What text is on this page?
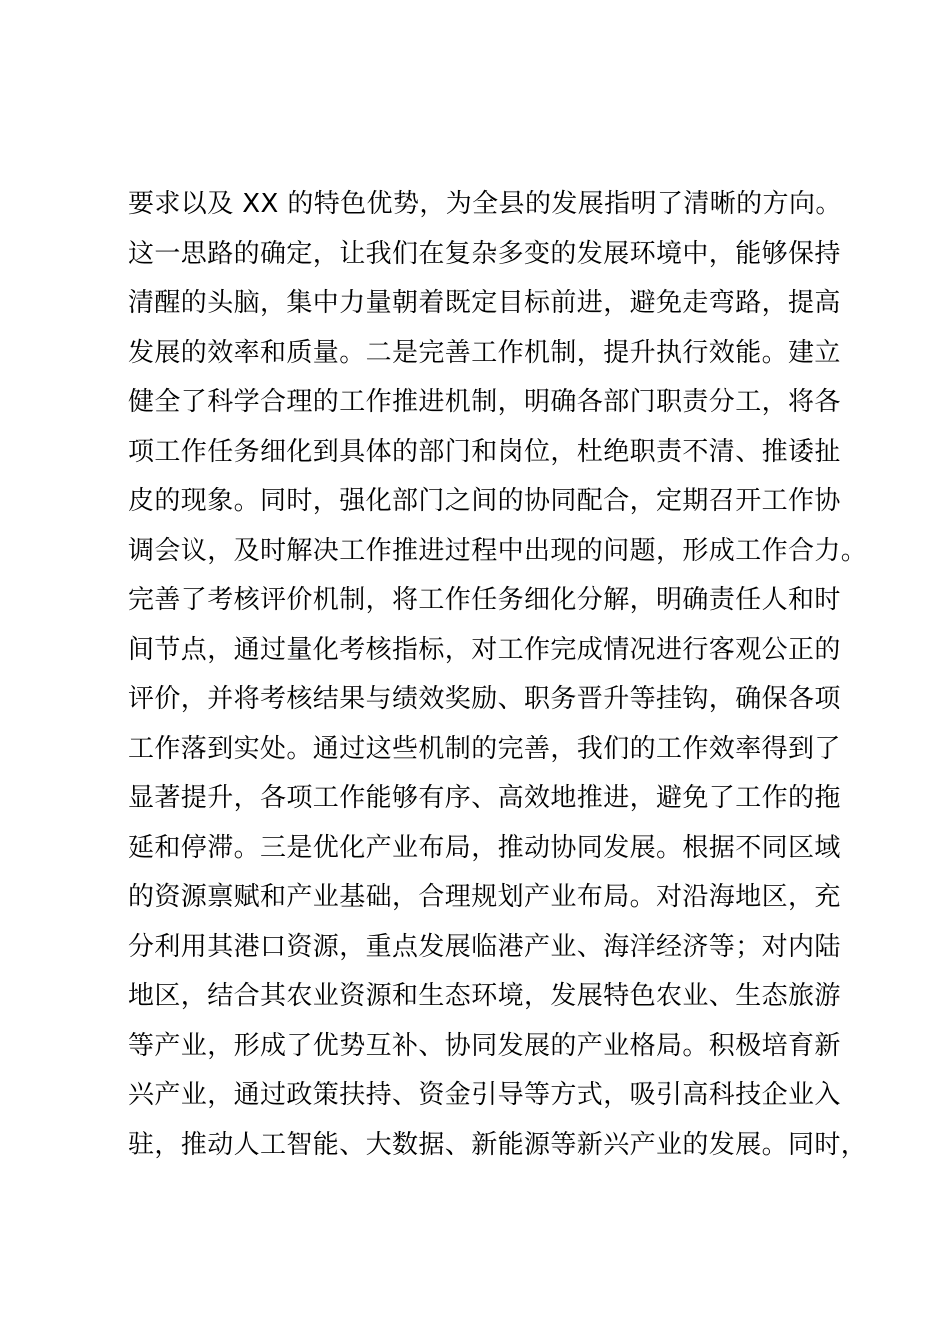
要求以及 XX 的特色优势，为全县的发展指明了清晰的方向。
这一思路的确定，让我们在复杂多变的发展环境中，能够保持
清醒的头脑，集中力量朝着既定目标前进，避免走弯路，提高
发展的效率和质量。二是完善工作机制，提升执行效能。建立
健全了科学合理的工作推进机制，明确各部门职责分工，将各
项工作任务细化到具体的部门和岗位，杜绝职责不清、推诿扯
皮的现象。同时，强化部门之间的协同配合，定期召开工作协
调会议，及时解决工作推进过程中出现的问题，形成工作合力。
完善了考核评价机制，将工作任务细化分解，明确责任人和时
间节点，通过量化考核指标，对工作完成情况进行客观公正的
评价，并将考核结果与绩效奖励、职务晋升等挂钩，确保各项
工作落到实处。通过这些机制的完善，我们的工作效率得到了
显著提升，各项工作能够有序、高效地推进，避免了工作的拖
延和停滞。三是优化产业布局，推动协同发展。根据不同区域
的资源禀赋和产业基础，合理规划产业布局。对沿海地区，充
分利用其港口资源，重点发展临港产业、海洋经济等；对内陆
地区，结合其农业资源和生态环境，发展特色农业、生态旅游
等产业，形成了优势互补、协同发展的产业格局。积极培育新
兴产业，通过政策扶持、资金引导等方式，吸引高科技企业入
驻，推动人工智能、大数据、新能源等新兴产业的发展。同时，
